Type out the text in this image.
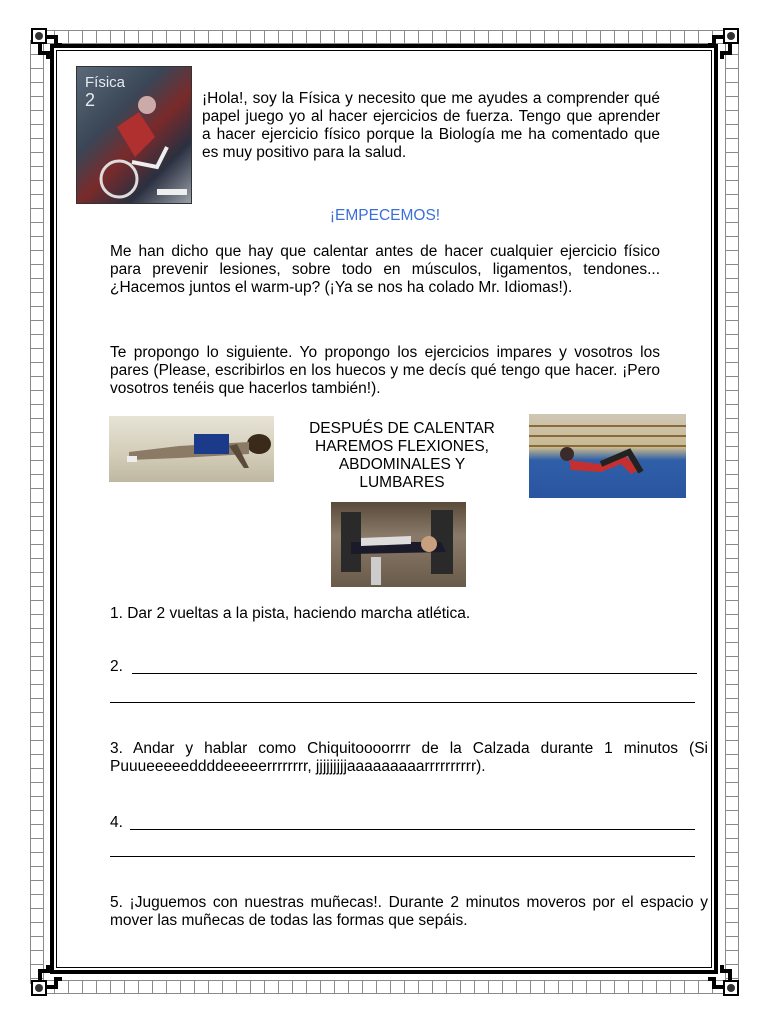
Física
2	¡Hola!, soy la Física y necesito que me ayudes a comprender qué papel juego yo al hacer ejercicios de fuerza. Tengo que aprender a hacer ejercicio físico porque la Biología me ha comentado que es muy positivo para la salud.
¡EMPECEMOS!
Me han dicho que hay que calentar antes de hacer cualquier ejercicio físico para prevenir lesiones, sobre todo en músculos, ligamentos, tendones... ¿Hacemos juntos el warm-up? (¡Ya se nos ha colado Mr. Idiomas!).
Te propongo lo siguiente. Yo propongo los ejercicios impares y vosotros los pares (Please, escribirlos en los huecos y me decís qué tengo que hacer. ¡Pero vosotros tenéis que hacerlos también!).
DESPUÉS DE CALENTAR
HAREMOS FLEXIONES,
ABDOMINALES Y
LUMBARES
1. Dar 2 vueltas a la pista, haciendo marcha atlética.
2.
3. Andar y hablar como Chiquitoooorrrr de la Calzada durante 1 minutos (Si Puuueeeeeddddeeeeerrrrrrrr, jjjjjjjjjaaaaaaaaarrrrrrrrrr).
4.
5. ¡Juguemos con nuestras muñecas!. Durante 2 minutos moveros por el espacio y mover las muñecas de todas las formas que sepáis.
